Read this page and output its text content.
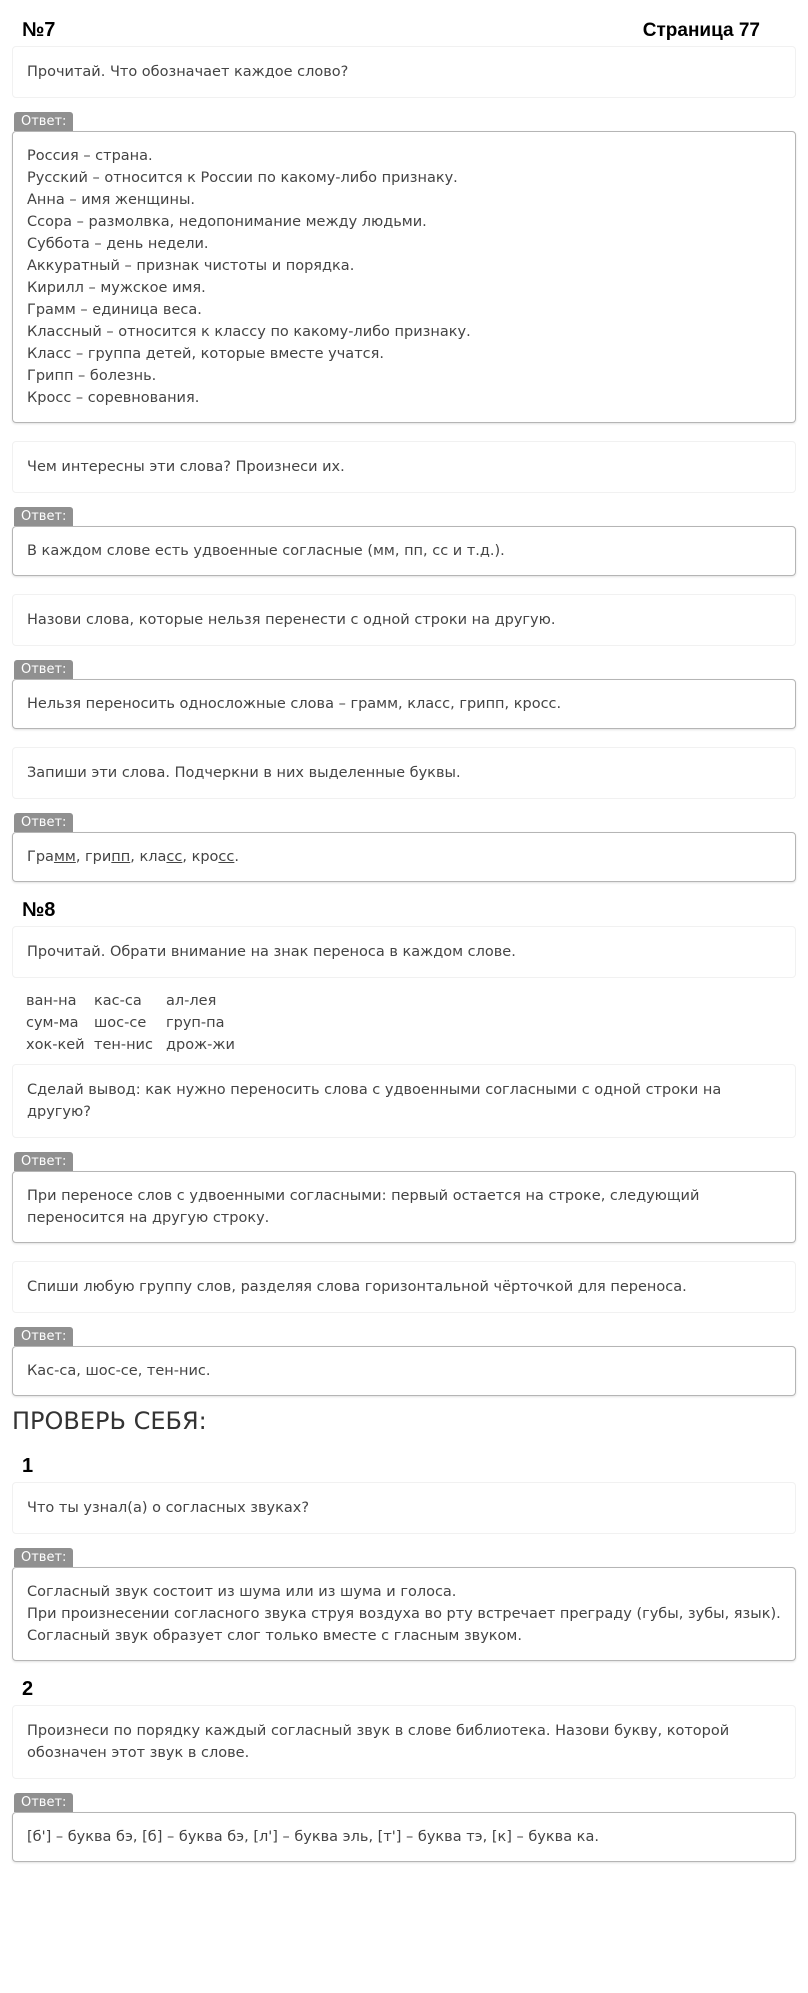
Страница 77
№7
Прочитай. Что обозначает каждое слово?
Ответ:
Россия – страна.
Русский – относится к России по какому-либо признаку.
Анна – имя женщины.
Ссора – размолвка, недопонимание между людьми.
Суббота – день недели.
Аккуратный – признак чистоты и порядка.
Кирилл – мужское имя.
Грамм – единица веса.
Классный – относится к классу по какому-либо признаку.
Класс – группа детей, которые вместе учатся.
Грипп – болезнь.
Кросс – соревнования.
Чем интересны эти слова? Произнеси их.
Ответ:
В каждом слове есть удвоенные согласные (мм, пп, сс и т.д.).
Назови слова, которые нельзя перенести с одной строки на другую.
Ответ:
Нельзя переносить односложные слова – грамм, класс, грипп, кросс.
Запиши эти слова. Подчеркни в них выделенные буквы.
Ответ:
Грамм, грипп, класс, кросс.
№8
Прочитай. Обрати внимание на знак переноса в каждом слове.
ван-на кас-са ал-лея
сум-ма шос-се груп-па
хок-кей тен-нис дрож-жи
Сделай вывод: как нужно переносить слова с удвоенными согласными с одной строки на другую?
Ответ:
При переносе слов с удвоенными согласными: первый остается на строке, следующий переносится на другую строку.
Спиши любую группу слов, разделяя слова горизонтальной чёрточкой для переноса.
Ответ:
Кас-са, шос-се, тен-нис.
ПРОВЕРЬ СЕБЯ:
1
Что ты узнал(а) о согласных звуках?
Ответ:
Согласный звук состоит из шума или из шума и голоса.
При произнесении согласного звука струя воздуха во рту встречает преграду (губы, зубы, язык).
Согласный звук образует слог только вместе с гласным звуком.
2
Произнеси по порядку каждый согласный звук в слове библиотека. Назови букву, которой обозначен этот звук в слове.
Ответ:
[б'] – буква бэ, [б] – буква бэ, [л'] – буква эль, [т'] – буква тэ, [к] – буква ка.
